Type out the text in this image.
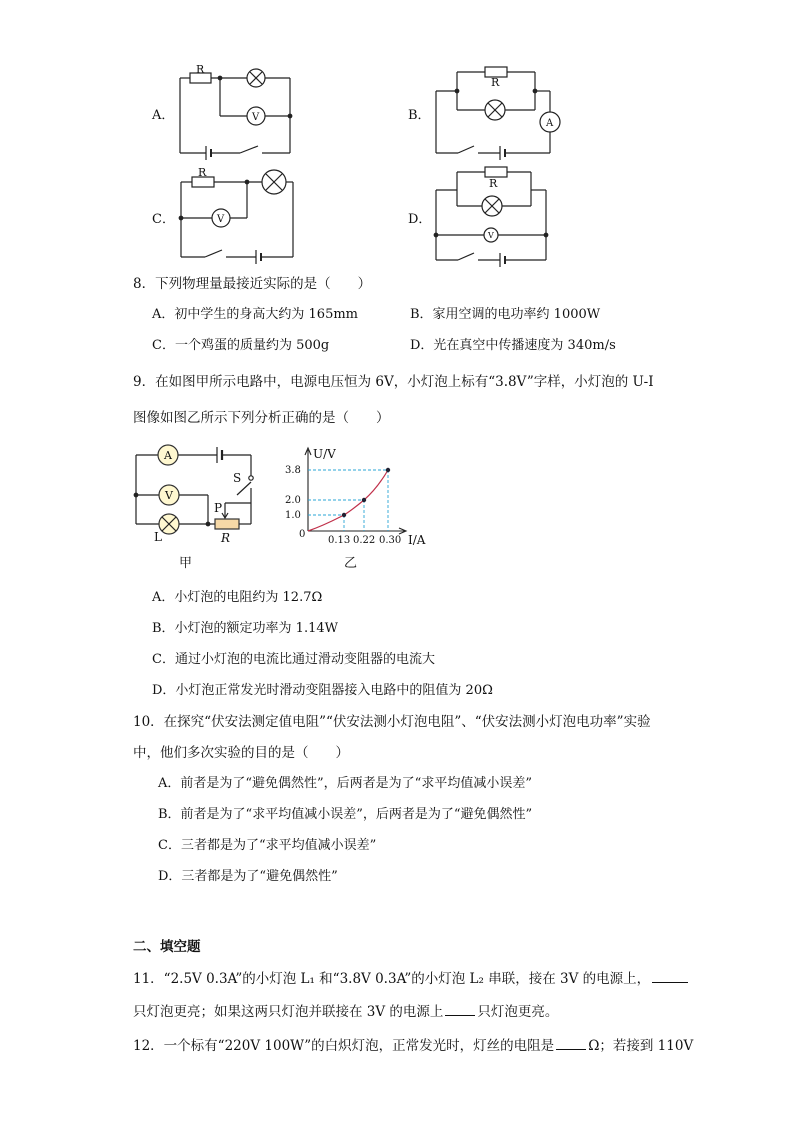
A．	B．
C．	D．
R
V
R
A
R
V
R
V
8．下列物理量最接近实际的是（　　）
A．初中学生的身高大约为 165mm	B．家用空调的电功率约 1000W
C．一个鸡蛋的质量约为 500g	D．光在真空中传播速度为 340m/s
9．在如图甲所示电路中，电源电压恒为 6V，小灯泡上标有“3.8V”字样，小灯泡的 U-I
图像如图乙所示下列分析正确的是（　　）
A
V
S
L
P
R
甲
U/V
3.8
2.0
1.0
0
0.13 0.22 0.30 I/A
乙
A．小灯泡的电阻约为 12.7Ω
B．小灯泡的额定功率为 1.14W
C．通过小灯泡的电流比通过滑动变阻器的电流大
D．小灯泡正常发光时滑动变阻器接入电路中的阻值为 20Ω
10．在探究“伏安法测定值电阻”“伏安法测小灯泡电阻”、“伏安法测小灯泡电功率”实验
中，他们多次实验的目的是（　　）
A．前者是为了“避免偶然性”，后两者是为了“求平均值减小误差”
B．前者是为了“求平均值减小误差”，后两者是为了“避免偶然性”
C．三者都是为了“求平均值减小误差”
D．三者都是为了“避免偶然性”
二、填空题
11．“2.5V 0.3A”的小灯泡 L₁ 和“3.8V 0.3A”的小灯泡 L₂ 串联，接在 3V 的电源上，
只灯泡更亮；如果这两只灯泡并联接在 3V 的电源上	只灯泡更亮。
12．一个标有“220V 100W”的白炽灯泡，正常发光时，灯丝的电阻是	Ω；若接到 110V
